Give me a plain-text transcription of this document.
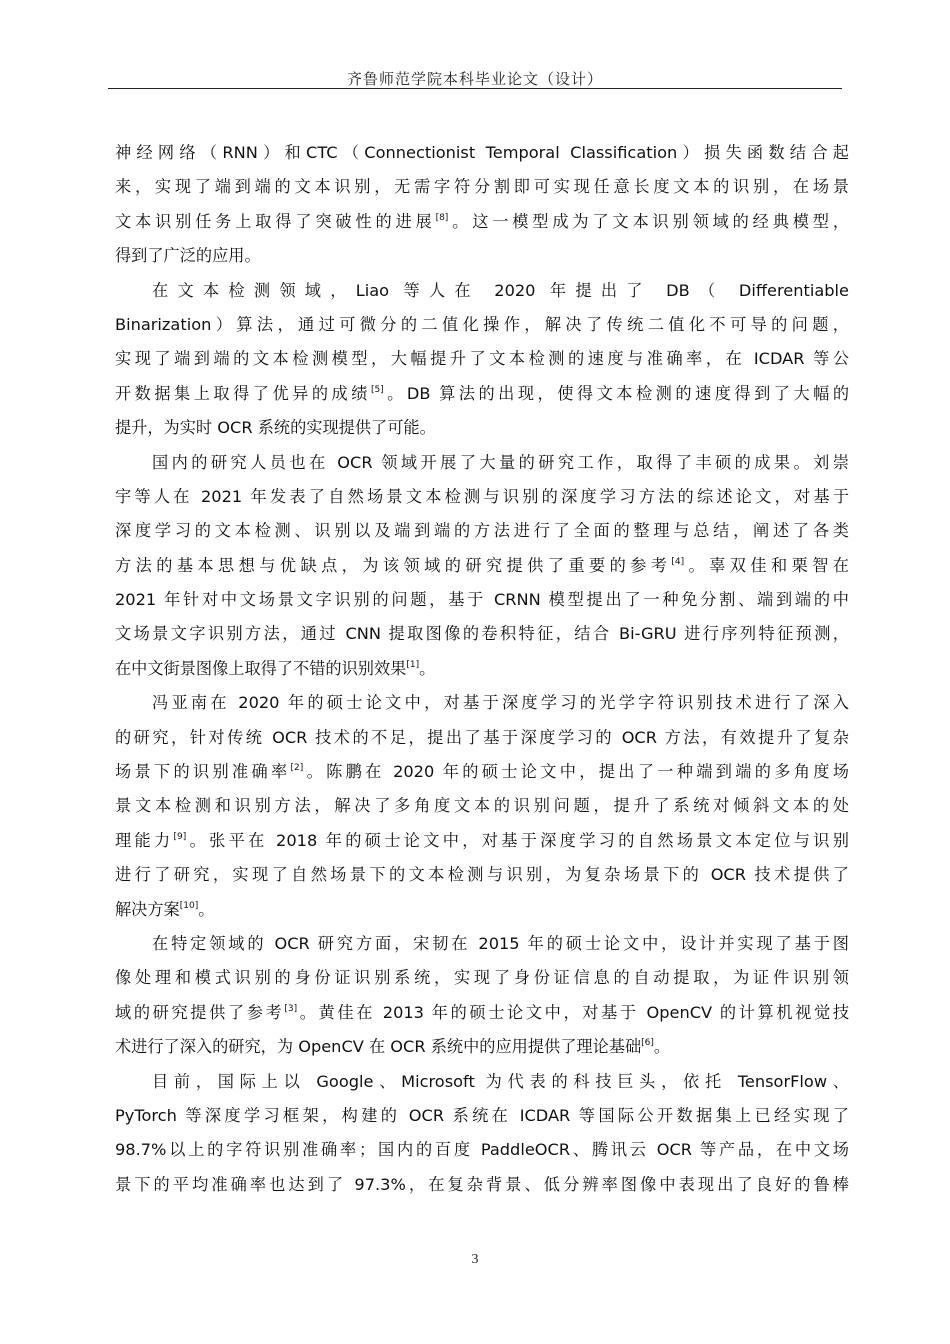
齐鲁师范学院本科毕业论文（设计）
神经网络（RNN）和CTC（Connectionist Temporal Classification）损失函数结合起
来，实现了端到端的文本识别，无需字符分割即可实现任意长度文本的识别，在场景
文本识别任务上取得了突破性的进展[8]。这一模型成为了文本识别领域的经典模型，
得到了广泛的应用。
在文本检测领域，Liao 等人在 2020 年提出了 DB（ Differentiable
Binarization）算法，通过可微分的二值化操作，解决了传统二值化不可导的问题，
实现了端到端的文本检测模型，大幅提升了文本检测的速度与准确率，在 ICDAR 等公
开数据集上取得了优异的成绩[5]。DB 算法的出现，使得文本检测的速度得到了大幅的
提升，为实时 OCR 系统的实现提供了可能。
国内的研究人员也在 OCR 领域开展了大量的研究工作，取得了丰硕的成果。刘崇
宇等人在 2021 年发表了自然场景文本检测与识别的深度学习方法的综述论文，对基于
深度学习的文本检测、识别以及端到端的方法进行了全面的整理与总结，阐述了各类
方法的基本思想与优缺点，为该领域的研究提供了重要的参考[4]。辜双佳和栗智在
2021 年针对中文场景文字识别的问题，基于 CRNN 模型提出了一种免分割、端到端的中
文场景文字识别方法，通过 CNN 提取图像的卷积特征，结合 Bi-GRU 进行序列特征预测，
在中文街景图像上取得了不错的识别效果[1]。
冯亚南在 2020 年的硕士论文中，对基于深度学习的光学字符识别技术进行了深入
的研究，针对传统 OCR 技术的不足，提出了基于深度学习的 OCR 方法，有效提升了复杂
场景下的识别准确率[2]。陈鹏在 2020 年的硕士论文中，提出了一种端到端的多角度场
景文本检测和识别方法，解决了多角度文本的识别问题，提升了系统对倾斜文本的处
理能力[9]。张平在 2018 年的硕士论文中，对基于深度学习的自然场景文本定位与识别
进行了研究，实现了自然场景下的文本检测与识别，为复杂场景下的 OCR 技术提供了
解决方案[10]。
在特定领域的 OCR 研究方面，宋韧在 2015 年的硕士论文中，设计并实现了基于图
像处理和模式识别的身份证识别系统，实现了身份证信息的自动提取，为证件识别领
域的研究提供了参考[3]。黄佳在 2013 年的硕士论文中，对基于 OpenCV 的计算机视觉技
术进行了深入的研究，为 OpenCV 在 OCR 系统中的应用提供了理论基础[6]。
目前，国际上以 Google、Microsoft 为代表的科技巨头，依托 TensorFlow、
PyTorch 等深度学习框架，构建的 OCR 系统在 ICDAR 等国际公开数据集上已经实现了
98.7%以上的字符识别准确率；国内的百度 PaddleOCR、腾讯云 OCR 等产品，在中文场
景下的平均准确率也达到了 97.3%，在复杂背景、低分辨率图像中表现出了良好的鲁棒
3
